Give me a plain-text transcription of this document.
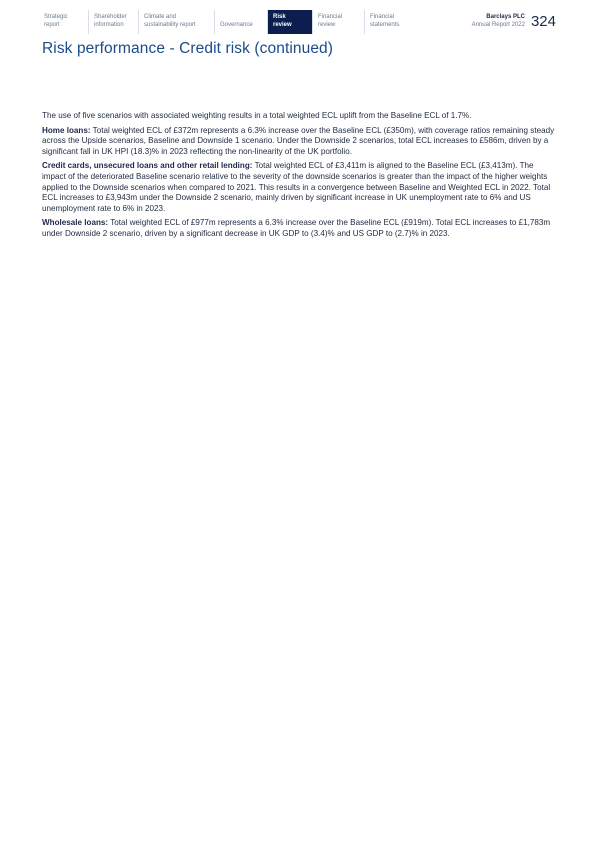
Strategic
report
Shareholder
information
Climate and
sustainability report
	Governance
Risk
review
Financial
review
Financial
statements
Barclays PLC
Annual Report 2022 324
Risk performance - Credit risk (continued)

The use of five scenarios with associated weighting results in a total weighted ECL uplift from the Baseline ECL of 1.7%.

Home loans: Total weighted ECL of £372m represents a 6.3% increase over the Baseline ECL (£350m), with coverage ratios remaining steady across the Upside scenarios, Baseline and Downside 1 scenario. Under the Downside 2 scenarios, total ECL increases to £586m, driven by a significant fall in UK HPI (18.3)% in 2023 reflecting the non-linearity of the UK portfolio.

Credit cards, unsecured loans and other retail lending: Total weighted ECL of £3,411m is aligned to the Baseline ECL (£3,413m). The impact of the deteriorated Baseline scenario relative to the severity of the downside scenarios is greater than the impact of the higher weights applied to the Downside scenarios when compared to 2021. This results in a convergence between Baseline and Weighted ECL in 2022. Total ECL increases to £3,943m under the Downside 2 scenario, mainly driven by significant increase in UK unemployment rate to 6% and US unemployment rate to 6% in 2023.

Wholesale loans: Total weighted ECL of £977m represents a 6.3% increase over the Baseline ECL (£919m). Total ECL increases to £1,783m under Downside 2 scenario, driven by a significant decrease in UK GDP to (3.4)% and US GDP to (2.7)% in 2023.
